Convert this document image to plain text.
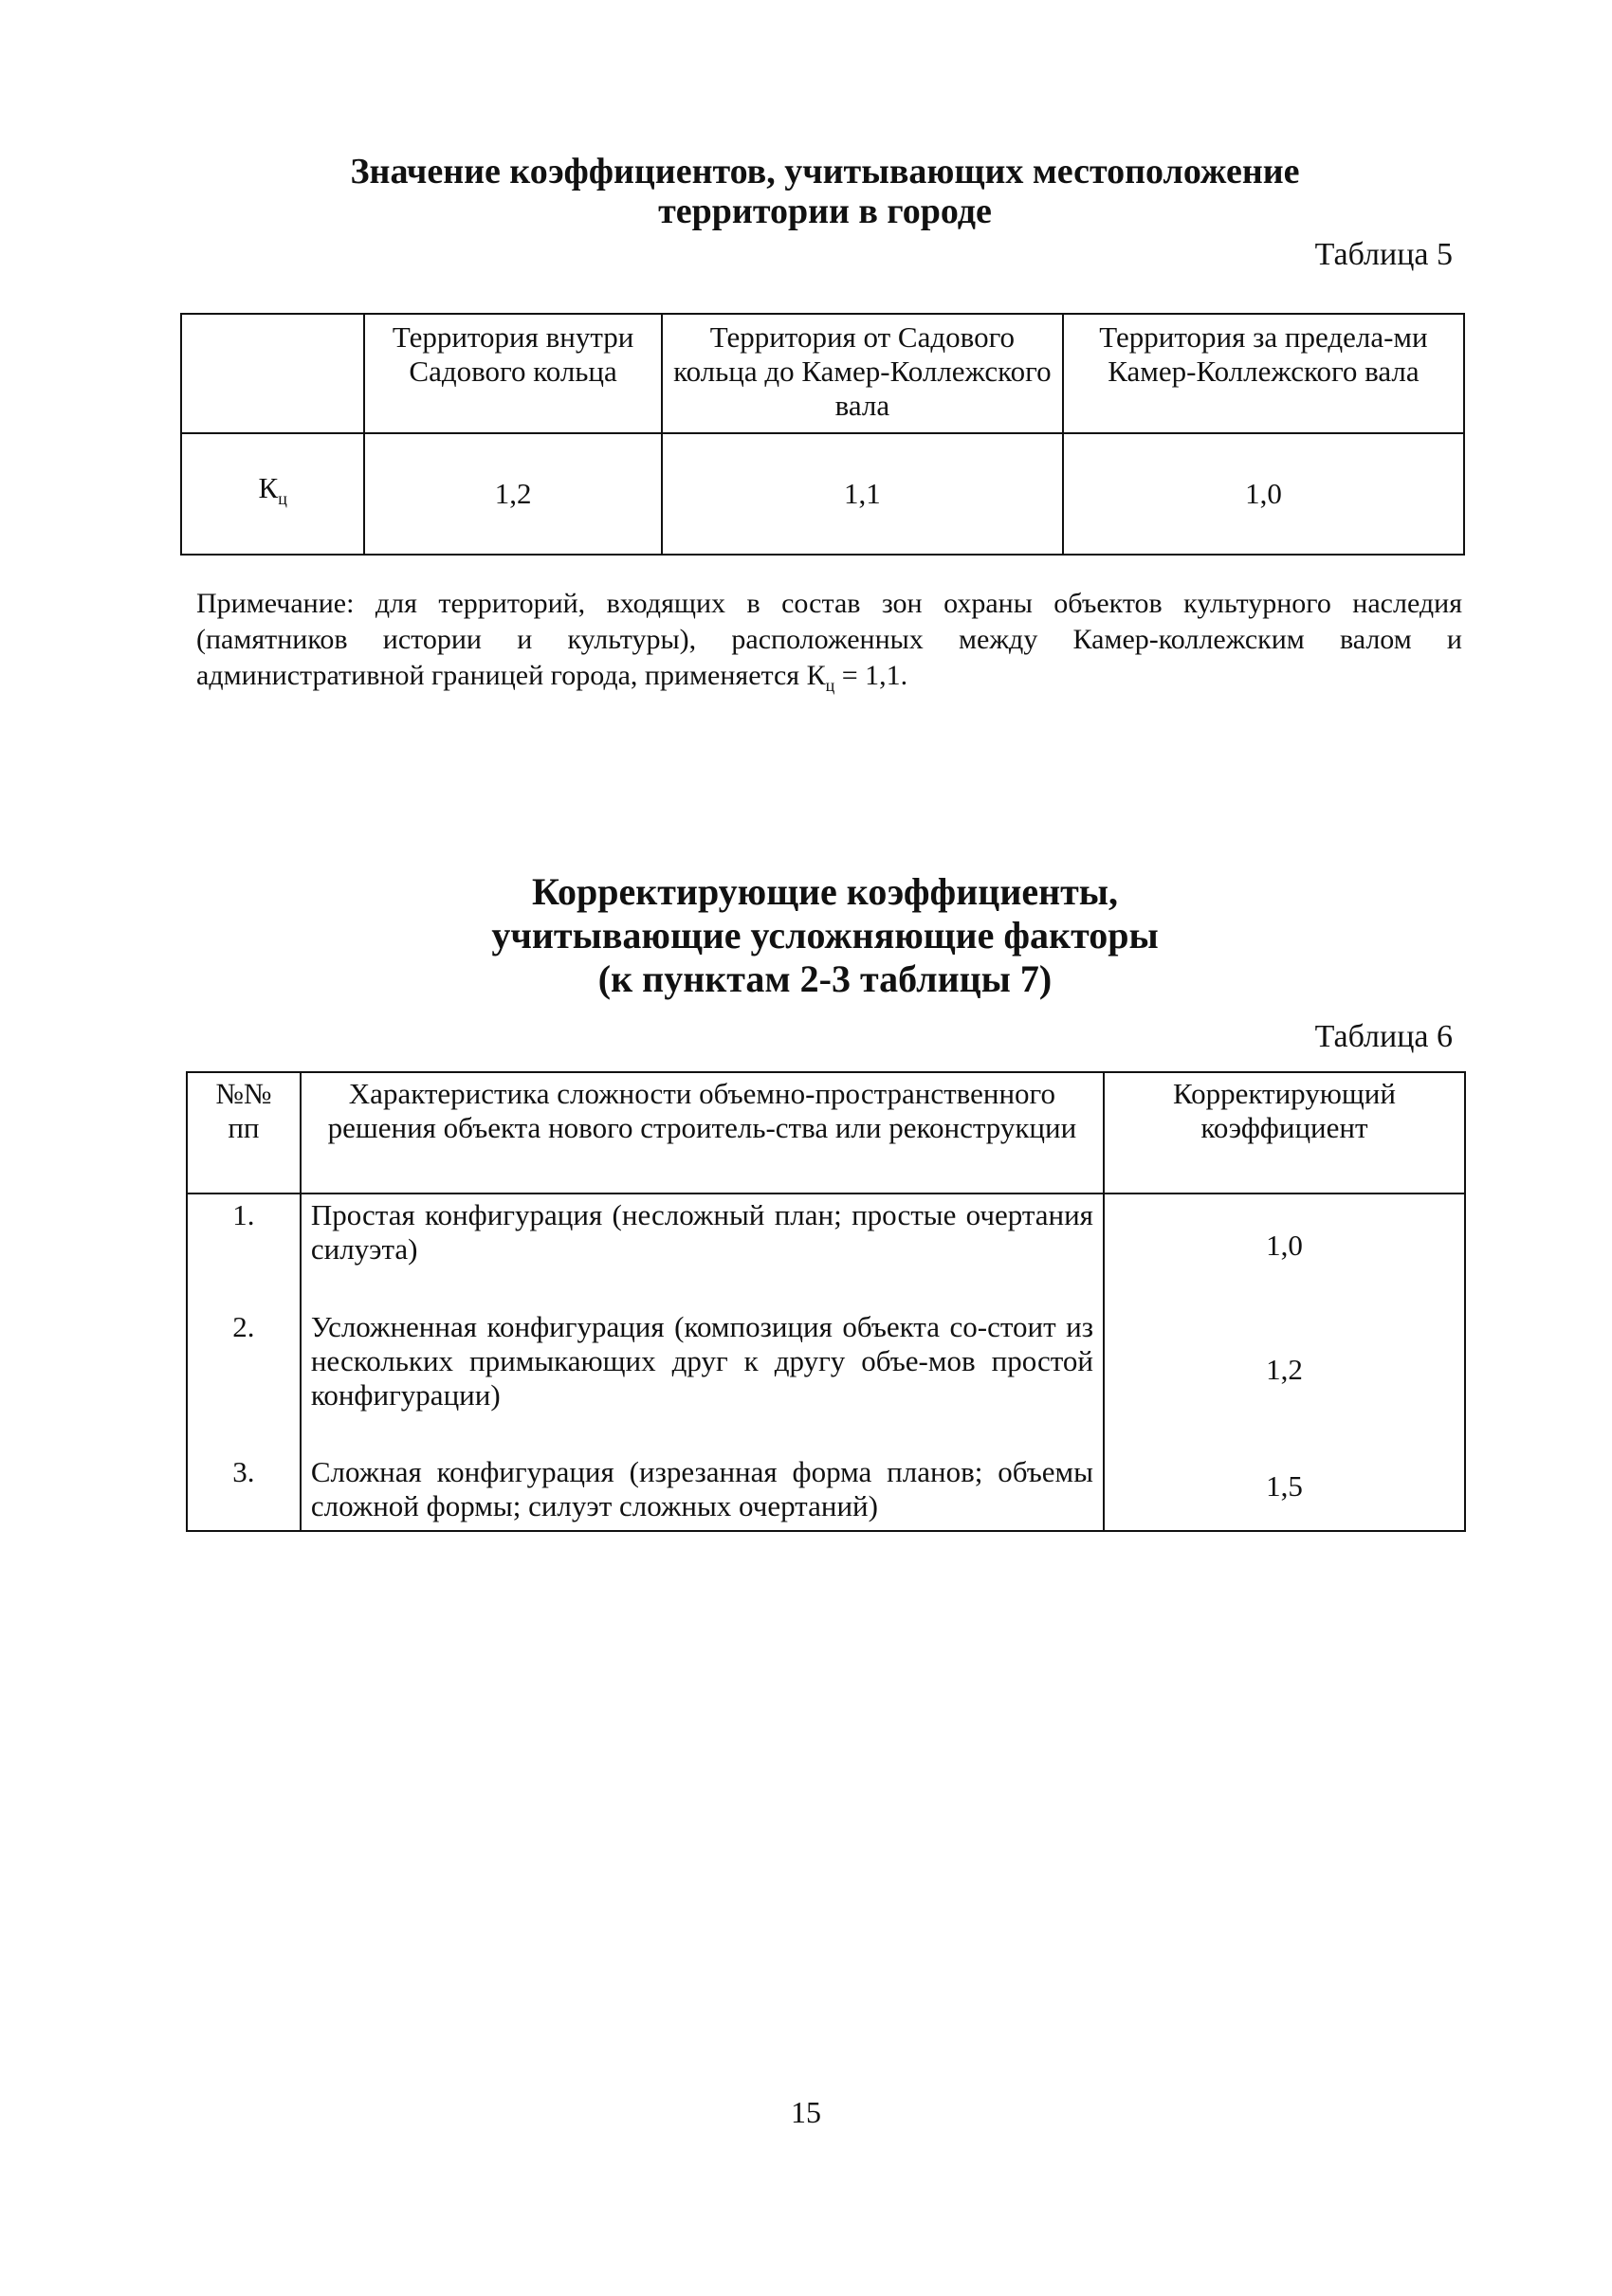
Значение коэффициентов, учитывающих местоположение
территории в городе
Таблица 5
	Территория внутри Садового кольца	Территория от Садового кольца до Камер-Коллежского вала	Территория за предела-ми Камер-Коллежского вала
$К_ц$	1,2	1,1	1,0
Примечание: для территорий, входящих в состав зон охраны объектов культурного наследия (памятников истории и культуры), расположенных между Камер-коллежским валом и административной границей города, применяется $К_ц = 1,1$.
Корректирующие коэффициенты,
учитывающие усложняющие факторы
(к пунктам 2-3 таблицы 7)
Таблица 6
№№ пп	Характеристика сложности объемно-пространственного решения объекта нового строитель-ства или реконструкции	Корректирующий коэффициент
1.	Простая конфигурация (несложный план; простые очертания силуэта)	1,0
2.	Усложненная конфигурация (композиция объекта со-стоит из нескольких примыкающих друг к другу объе-мов простой конфигурации)	1,2
3.	Сложная конфигурация (изрезанная форма планов; объемы сложной формы; силуэт сложных очертаний)	1,5
15
